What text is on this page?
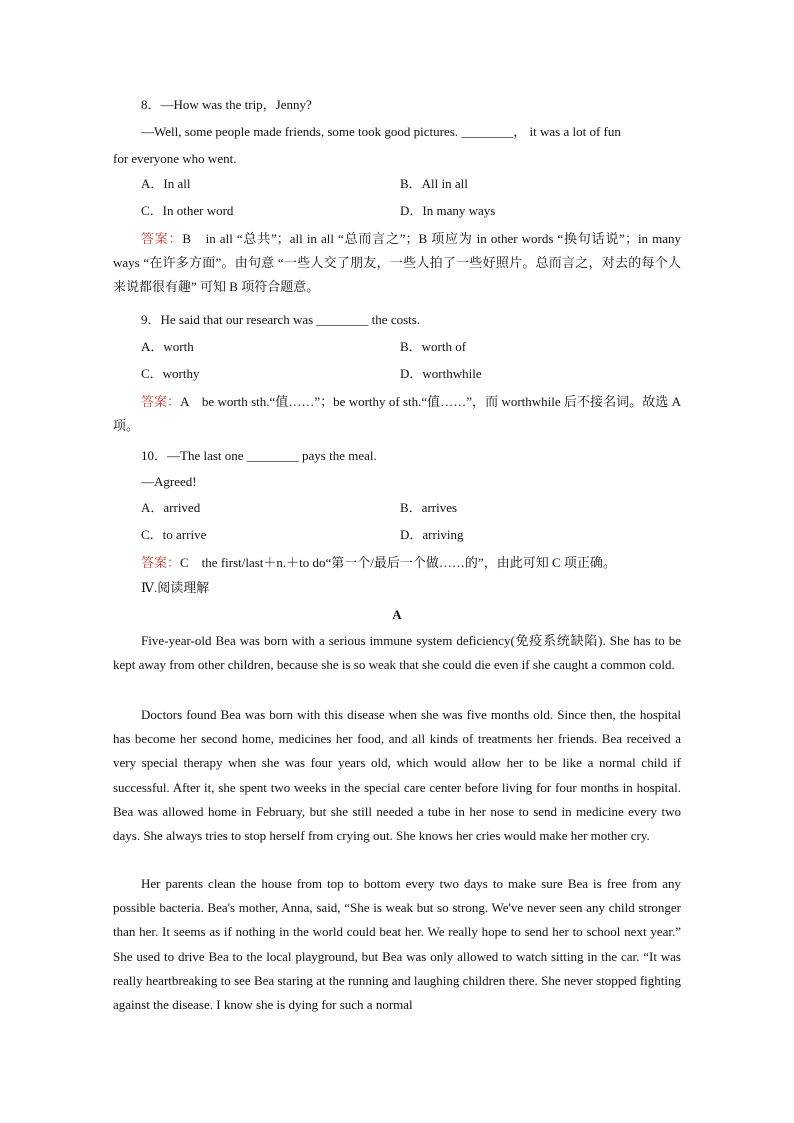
8．—How was the trip，Jenny?
—Well, some people made friends, some took good pictures. ________， it was a lot of fun
for everyone who went.
A．In all	B．All in all
C．In other word	D．In many ways
答案：B　in all “总共”；all in all “总而言之”；B 项应为 in other words “换句话说”；in many ways “在许多方面”。由句意 “一些人交了朋友，一些人拍了一些好照片。总而言之，对去的每个人来说都很有趣” 可知 B 项符合题意。
9．He said that our research was ________ the costs.
A．worth	B．worth of
C．worthy	D．worthwhile
答案：A　be worth sth.“值……”；be worthy of sth.“值……”，而 worthwhile 后不接名词。故选 A 项。
10．—The last one ________ pays the meal.
—Agreed!
A．arrived	B．arrives
C．to arrive	D．arriving
答案：C　the first/last＋n.＋to do“第一个/最后一个做……的”，由此可知 C 项正确。
Ⅳ.阅读理解
A
Five-year-old Bea was born with a serious immune system deficiency(免疫系统缺陷). She has to be kept away from other children, because she is so weak that she could die even if she caught a common cold.
Doctors found Bea was born with this disease when she was five months old. Since then, the hospital has become her second home, medicines her food, and all kinds of treatments her friends. Bea received a very special therapy when she was four years old, which would allow her to be like a normal child if successful. After it, she spent two weeks in the special care center before living for four months in hospital. Bea was allowed home in February, but she still needed a tube in her nose to send in medicine every two days. She always tries to stop herself from crying out. She knows her cries would make her mother cry.
Her parents clean the house from top to bottom every two days to make sure Bea is free from any possible bacteria. Bea's mother, Anna, said, “She is weak but so strong. We've never seen any child stronger than her. It seems as if nothing in the world could beat her. We really hope to send her to school next year.” She used to drive Bea to the local playground, but Bea was only allowed to watch sitting in the car. “It was really heartbreaking to see Bea staring at the running and laughing children there. She never stopped fighting against the disease. I know she is dying for such a normal
